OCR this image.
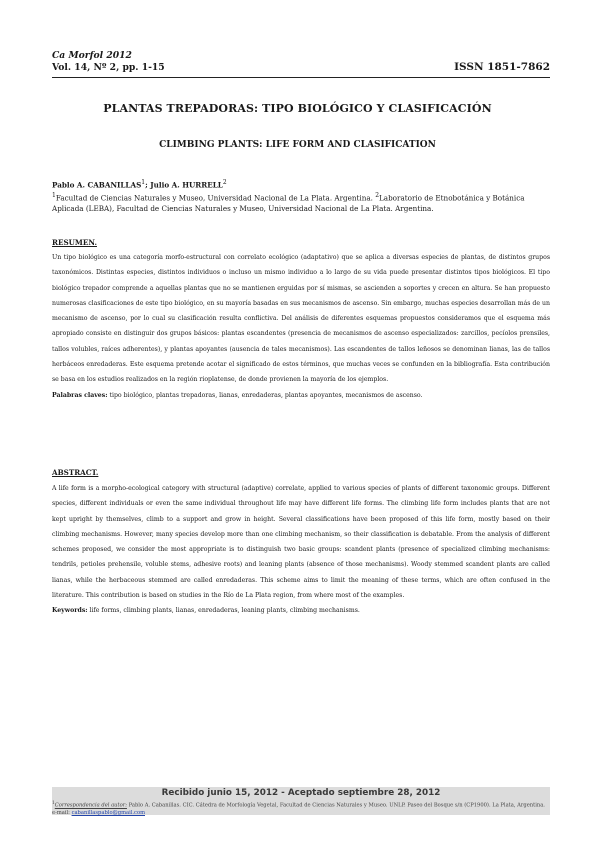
Ca Morfol 2012
Vol. 14, Nº 2, pp. 1-15	ISSN 1851-7862
PLANTAS TREPADORAS: TIPO BIOLÓGICO Y CLASIFICACIÓN
CLIMBING PLANTS: LIFE FORM AND CLASIFICATION
Pablo A. CABANILLAS$^1$; Julio A. HURRELL$^2$
$^1$Facultad de Ciencias Naturales y Museo, Universidad Nacional de La Plata. Argentina. $^2$Laboratorio de Etnobotánica y Botánica Aplicada (LEBA), Facultad de Ciencias Naturales y Museo, Universidad Nacional de La Plata. Argentina.
RESUMEN.
Un tipo biológico es una categoría morfo-estructural con correlato ecológico (adaptativo) que se aplica a diversas especies de plantas, de distintos grupos taxonómicos. Distintas especies, distintos individuos o incluso un mismo individuo a lo largo de su vida puede presentar distintos tipos biológicos. El tipo biológico trepador comprende a aquellas plantas que no se mantienen erguidas por sí mismas, se ascienden a soportes y crecen en altura. Se han propuesto numerosas clasificaciones de este tipo biológico, en su mayoría basadas en sus mecanismos de ascenso. Sin embargo, muchas especies desarrollan más de un mecanismo de ascenso, por lo cual su clasificación resulta conflictiva. Del análisis de diferentes esquemas propuestos consideramos que el esquema más apropiado consiste en distinguir dos grupos básicos: plantas escandentes (presencia de mecanismos de ascenso especializados: zarcillos, pecíolos prensiles, tallos volubles, raíces adherentes), y plantas apoyantes (ausencia de tales mecanismos). Las escandentes de tallos leñosos se denominan lianas, las de tallos herbáceos enredaderas. Este esquema pretende acotar el significado de estos términos, que muchas veces se confunden en la bibliografía. Esta contribución se basa en los estudios realizados en la región rioplatense, de donde provienen la mayoría de los ejemplos.
Palabras claves: tipo biológico, plantas trepadoras, lianas, enredaderas, plantas apoyantes, mecanismos de ascenso.
ABSTRACT.
A life form is a morpho-ecological category with structural (adaptive) correlate, applied to various species of plants of different taxonomic groups. Different species, different individuals or even the same individual throughout life may have different life forms. The climbing life form includes plants that are not kept upright by themselves, climb to a support and grow in height. Several classifications have been proposed of this life form, mostly based on their climbing mechanisms. However, many species develop more than one climbing mechanism, so their classification is debatable. From the analysis of different schemes proposed, we consider the most appropriate is to distinguish two basic groups: scandent plants (presence of specialized climbing mechanisms: tendrils, petioles prehensile, voluble stems, adhesive roots) and leaning plants (absence of those mechanisms). Woody stemmed scandent plants are called lianas, while the herbaceous stemmed are called enredaderas. This scheme aims to limit the meaning of these terms, which are often confused in the literature. This contribution is based on studies in the Río de La Plata region, from where most of the examples.
Keywords: life forms, climbing plants, lianas, enredaderas, leaning plants, climbing mechanisms.
Recibido junio 15, 2012 - Aceptado septiembre 28, 2012
$^1$Correspondencia del autor: Pablo A. Cabanillas. CIC. Cátedra de Morfología Vegetal, Facultad de Ciencias Naturales y Museo. UNLP. Paseo del Bosque s/n (CP1900). La Plata, Argentina. e-mail: cabanillaspablo@gmail.com
